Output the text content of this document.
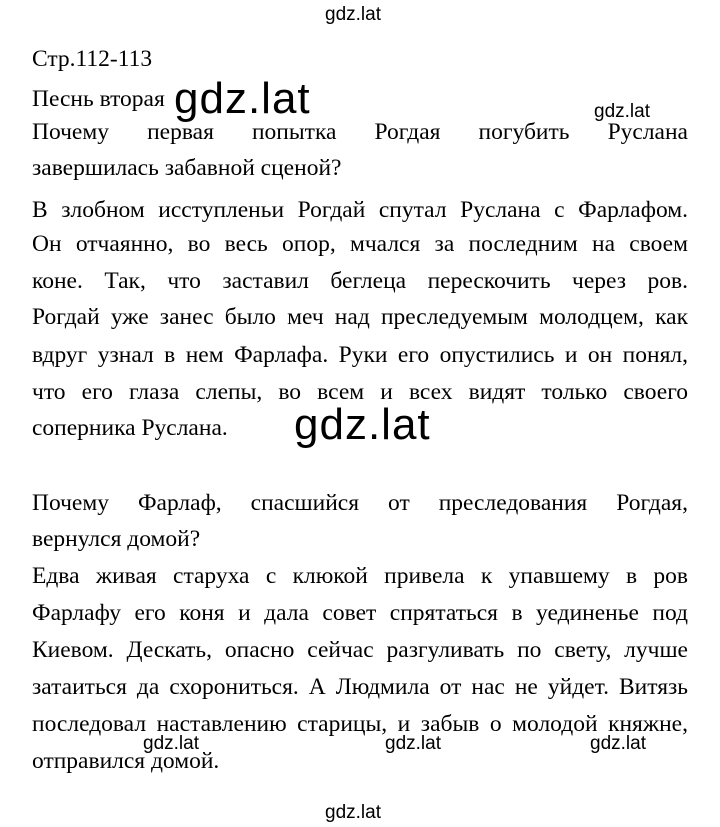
gdz.lat
Стр.112-113
Песнь вторая gdz.lat	gdz.lat
Почему первая попытка Рогдая погубить Руслана
завершилась забавной сценой?
В злобном исступленьи Рогдай спутал Руслана с Фарлафом.
Он отчаянно, во весь опор, мчался за последним на своем
коне. Так, что заставил беглеца перескочить через ров.
Рогдай уже занес было меч над преследуемым молодцем, как
вдруг узнал в нем Фарлафа. Руки его опустились и он понял,
что его глаза слепы, во всем и всех видят только своего
соперника Руслана.	gdz.lat
Почему Фарлаф, спасшийся от преследования Рогдая,
вернулся домой?
Едва живая старуха с клюкой привела к упавшему в ров
Фарлафу его коня и дала совет спрятаться в уединенье под
Киевом. Дескать, опасно сейчас разгуливать по свету, лучше
затаиться да схорониться. А Людмила от нас не уйдет. Витязь
последовал наставлению старицы, и забыв о молодой княжне,
отправился домой.
gdz.lat	gdz.lat	gdz.lat
gdz.lat
